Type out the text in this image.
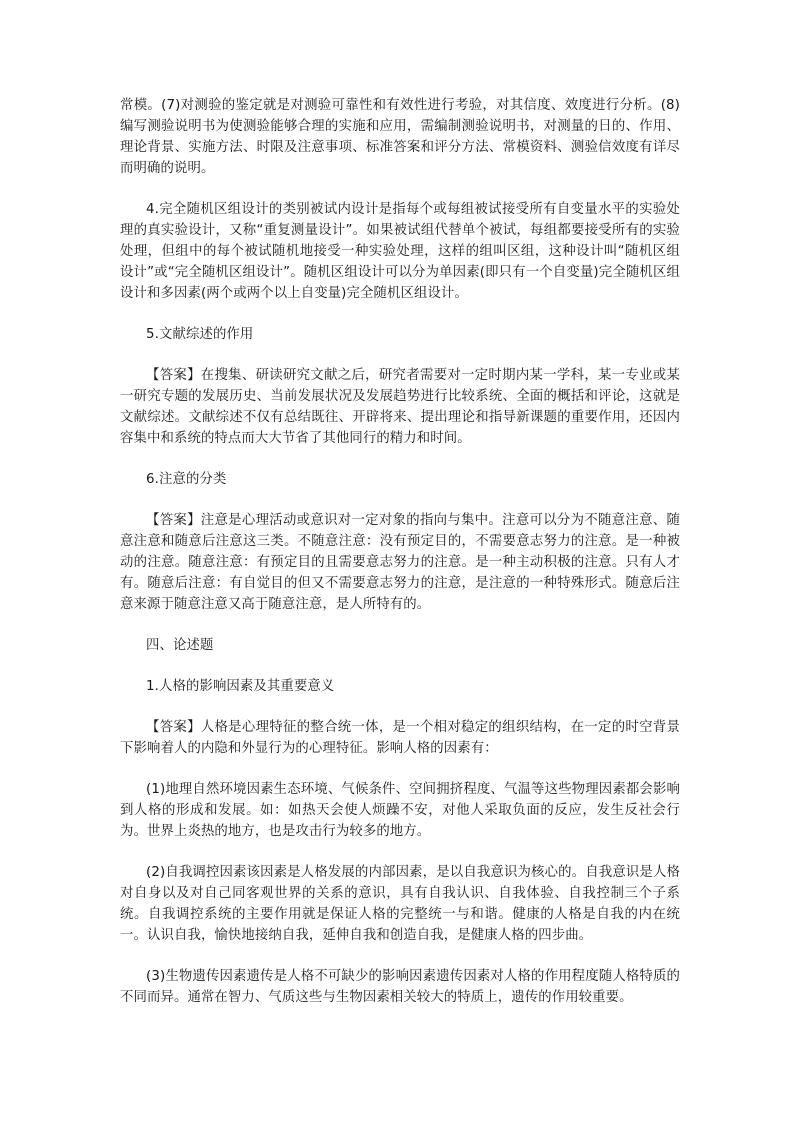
常模。(7)对测验的鉴定就是对测验可靠性和有效性进行考验，对其信度、效度进行分析。(8)编写测验说明书为使测验能够合理的实施和应用，需编制测验说明书，对测量的日的、作用、理论背景、实施方法、时限及注意事项、标准答案和评分方法、常模资料、测验信效度有详尽而明确的说明。

4.完全随机区组设计的类别被试内设计是指每个或每组被试接受所有自变量水平的实验处理的真实验设计，又称“重复测量设计”。如果被试组代替单个被试，每组都要接受所有的实验处理，但组中的每个被试随机地接受一种实验处理，这样的组叫区组，这种设计叫“随机区组设计”或“完全随机区组设计”。随机区组设计可以分为单因素(即只有一个自变量)完全随机区组设计和多因素(两个或两个以上自变量)完全随机区组设计。

5.文献综述的作用

【答案】在搜集、研读研究文献之后，研究者需要对一定时期内某一学科，某一专业或某一研究专题的发展历史、当前发展状况及发展趋势进行比较系统、全面的概括和评论，这就是文献综述。文献综述不仅有总结既往、开辟将来、提出理论和指导新课题的重要作用，还因内容集中和系统的特点而大大节省了其他同行的精力和时间。

6.注意的分类

【答案】注意是心理活动或意识对一定对象的指向与集中。注意可以分为不随意注意、随意注意和随意后注意这三类。不随意注意：没有预定目的，不需要意志努力的注意。是一种被动的注意。随意注意：有预定目的且需要意志努力的注意。是一种主动积极的注意。只有人才有。随意后注意：有自觉目的但又不需要意志努力的注意，是注意的一种特殊形式。随意后注意来源于随意注意又高于随意注意，是人所特有的。

四、论述题

1.人格的影响因素及其重要意义

【答案】人格是心理特征的整合统一体，是一个相对稳定的组织结构，在一定的时空背景下影响着人的内隐和外显行为的心理特征。影响人格的因素有：

(1)地理自然环境因素生态环境、气候条件、空间拥挤程度、气温等这些物理因素都会影响到人格的形成和发展。如：如热天会使人烦躁不安，对他人采取负面的反应，发生反社会行为。世界上炎热的地方，也是攻击行为较多的地方。

(2)自我调控因素该因素是人格发展的内部因素，是以自我意识为核心的。自我意识是人格对自身以及对自己同客观世界的关系的意识，具有自我认识、自我体验、自我控制三个子系统。自我调控系统的主要作用就是保证人格的完整统一与和谐。健康的人格是自我的内在统一。认识自我，愉快地接纳自我，延伸自我和创造自我，是健康人格的四步曲。

(3)生物遗传因素遗传是人格不可缺少的影响因素遗传因素对人格的作用程度随人格特质的不同而异。通常在智力、气质这些与生物因素相关较大的特质上，遗传的作用较重要。
